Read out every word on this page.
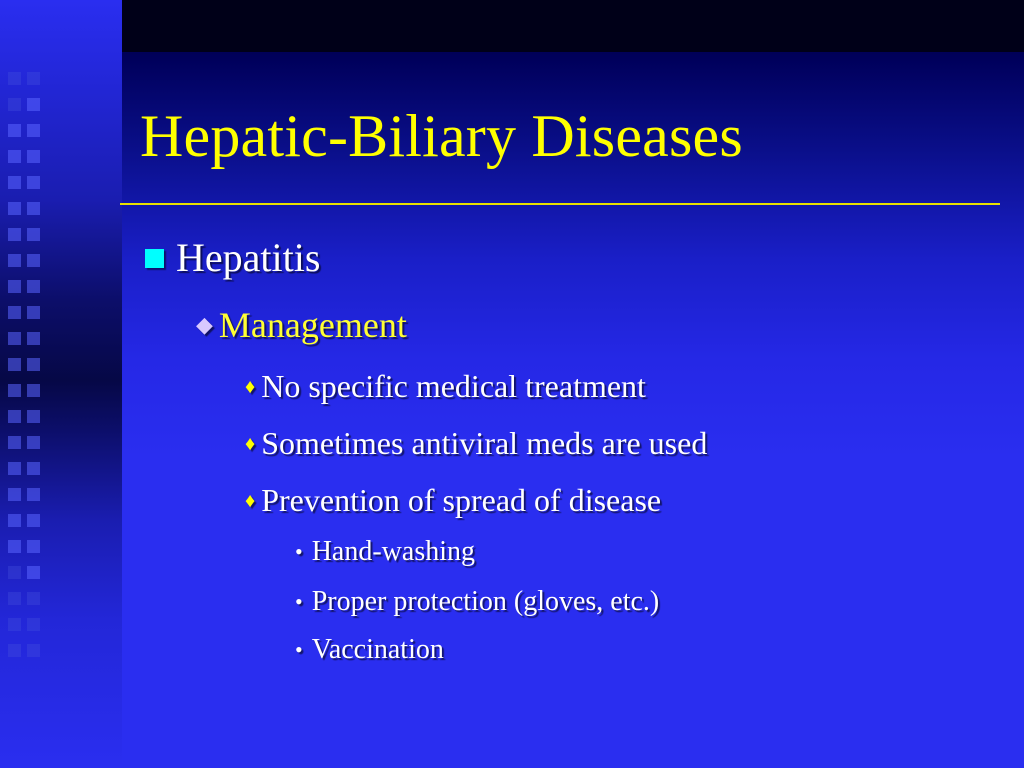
Hepatic-Biliary Diseases
Hepatitis
◆ Management
♦ No specific medical treatment
♦ Sometimes antiviral meds are used
♦ Prevention of spread of disease
• Hand-washing
• Proper protection (gloves, etc.)
• Vaccination
